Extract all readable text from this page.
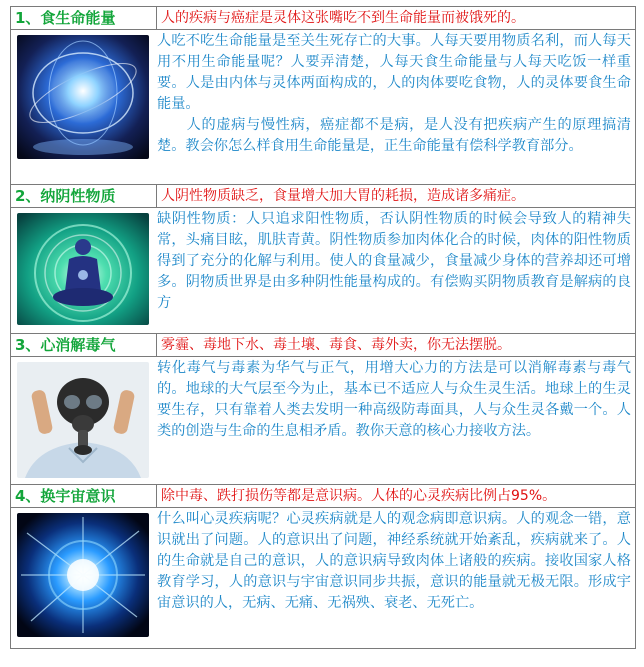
1、食生命能量	人的疾病与癌症是灵体这张嘴吃不到生命能量而被饿死的。

人吃不吃生命能量是至关生死存亡的大事。人每天要用物质名利，而人每天用不用生命能量呢？人要弄清楚，人每天食生命能量与人每天吃饭一样重要。人是由内体与灵体两面构成的，人的肉体要吃食物，人的灵体要食生命能量。
　　人的虚病与慢性病，癌症都不是病，是人没有把疾病产生的原理搞清楚。教会你怎么样食用生命能量是，正生命能量有偿科学教育部分。	

2、纳阴性物质	人阴性物质缺乏，食量增大加大胃的耗损，造成诸多痛症。

缺阴性物质：人只追求阳性物质，否认阴性物质的时候会导致人的精神失常，头痛目眩，肌肤青黄。阴性物质参加肉体化合的时候，肉体的阳性物质得到了充分的化解与利用。使人的食量减少，食量减少身体的营养却还可增多。阴物质世界是由多种阴性能量构成的。有偿购买阴物质教育是解病的良方	

3、心消解毒气	雾霾、毒地下水、毒土壤、毒食、毒外卖，你无法摆脱。

转化毒气与毒素为华气与正气，用增大心力的方法是可以消解毒素与毒气的。地球的大气层至今为止，基本已不适应人与众生灵生活。地球上的生灵要生存，只有靠着人类去发明一种高级防毒面具，人与众生灵各戴一个。人类的创造与生命的生息相矛盾。教你天意的核心力接收方法。	

4、换宇宙意识	除中毒、跌打损伤等都是意识病。人体的心灵疾病比例占95%。

什么叫心灵疾病呢？心灵疾病就是人的观念病即意识病。人的观念一错，意识就出了问题。人的意识出了问题，神经系统就开始紊乱，疾病就来了。人的生命就是自己的意识，人的意识病导致肉体上诸般的疾病。接收国家人格教育学习，人的意识与宇宙意识同步共振，意识的能量就无极无限。形成宇宙意识的人，无病、无痛、无祸殃、衰老、无死亡。	
